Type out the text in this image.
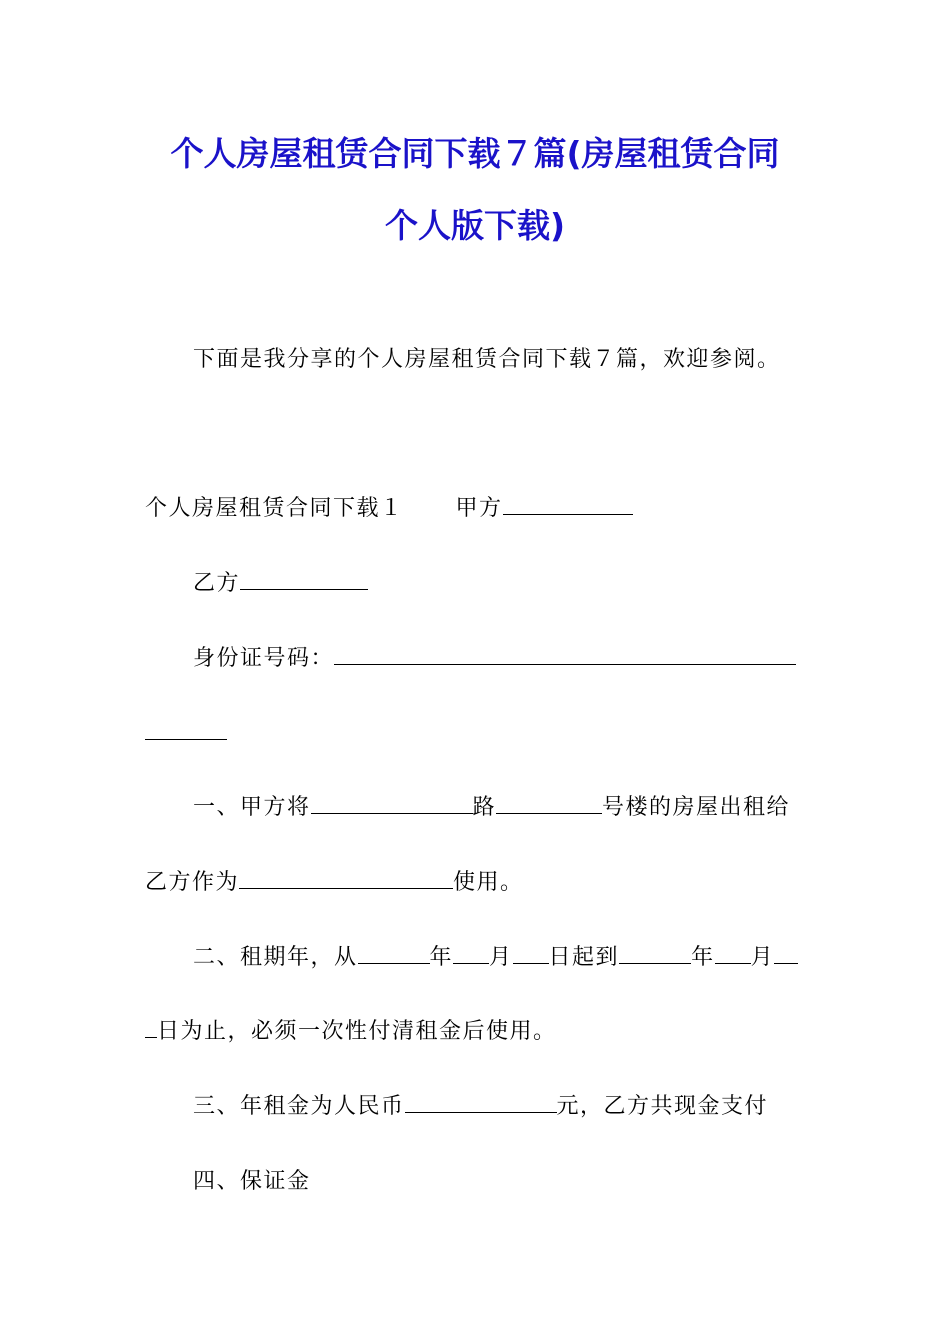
个人房屋租赁合同下载７篇(房屋租赁合同
个人版下载)
下面是我分享的个人房屋租赁合同下载７篇，欢迎参阅。
个人房屋租赁合同下载１ 甲方
乙方
身份证号码：
一、甲方将	路	号楼的房屋出租给
乙方作为	使用。
二、租期年，从	年 月 日起到	年 月
日为止，必须一次性付清租金后使用。
三、年租金为人民币	元，乙方共现金支付
四、保证金
